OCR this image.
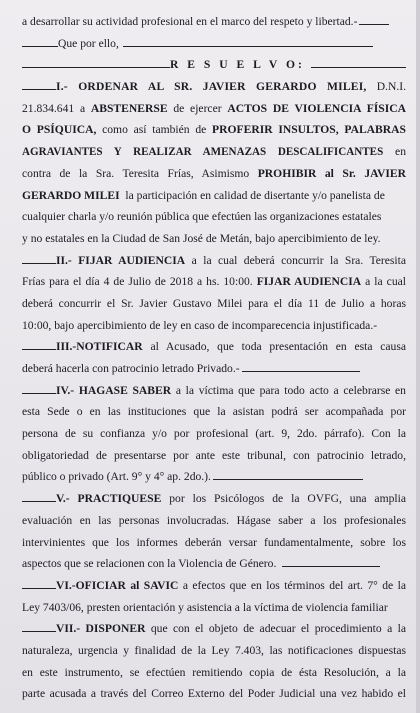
a desarrollar su actividad profesional en el marco del respeto y libertad.-
Que por ello,
R E S U E L V O:
I.- ORDENAR AL SR. JAVIER GERARDO MILEI, D.N.I.
21.834.641 a ABSTENERSE de ejercer ACTOS DE VIOLENCIA FÍSICA
O PSÍQUICA, como así también de PROFERIR INSULTOS, PALABRAS
AGRAVIANTES Y REALIZAR AMENAZAS DESCALIFICANTES en
contra de la Sra. Teresita Frías, Asimismo PROHIBIR al Sr. JAVIER
GERARDO MILEI la participación en calidad de disertante y/o panelista de
cualquier charla y/o reunión pública que efectúen las organizaciones estatales
y no estatales en la Ciudad de San José de Metán, bajo apercibimiento de ley.
II.- FIJAR AUDIENCIA a la cual deberá concurrir la Sra. Teresita
Frías para el día 4 de Julio de 2018 a hs. 10:00. FIJAR AUDIENCIA a la cual
deberá concurrir el Sr. Javier Gustavo Milei para el día 11 de Julio a horas
10:00, bajo apercibimiento de ley en caso de incomparecencia injustificada.-
III.-NOTIFICAR al Acusado, que toda presentación en esta causa
deberá hacerla con patrocinio letrado Privado.-
IV.- HAGASE SABER a la víctima que para todo acto a celebrarse en
esta Sede o en las instituciones que la asistan podrá ser acompañada por
persona de su confianza y/o por profesional (art. 9, 2do. párrafo). Con la
obligatoriedad de presentarse por ante este tribunal, con patrocinio letrado,
público o privado (Art. 9° y 4° ap. 2do.).
V.- PRACTIQUESE por los Psicólogos de la OVFG, una amplia
evaluación en las personas involucradas. Hágase saber a los profesionales
intervinientes que los informes deberán versar fundamentalmente, sobre los
aspectos que se relacionen con la Violencia de Género.
VI.-OFICIAR al SAVIC a efectos que en los términos del art. 7° de la
Ley 7403/06, presten orientación y asistencia a la víctima de violencia familiar
VII.- DISPONER que con el objeto de adecuar el procedimiento a la
naturaleza, urgencia y finalidad de la Ley 7.403, las notificaciones dispuestas
en este instrumento, se efectúen remitiendo copia de ésta Resolución, a la
parte acusada a través del Correo Externo del Poder Judicial una vez habido el
